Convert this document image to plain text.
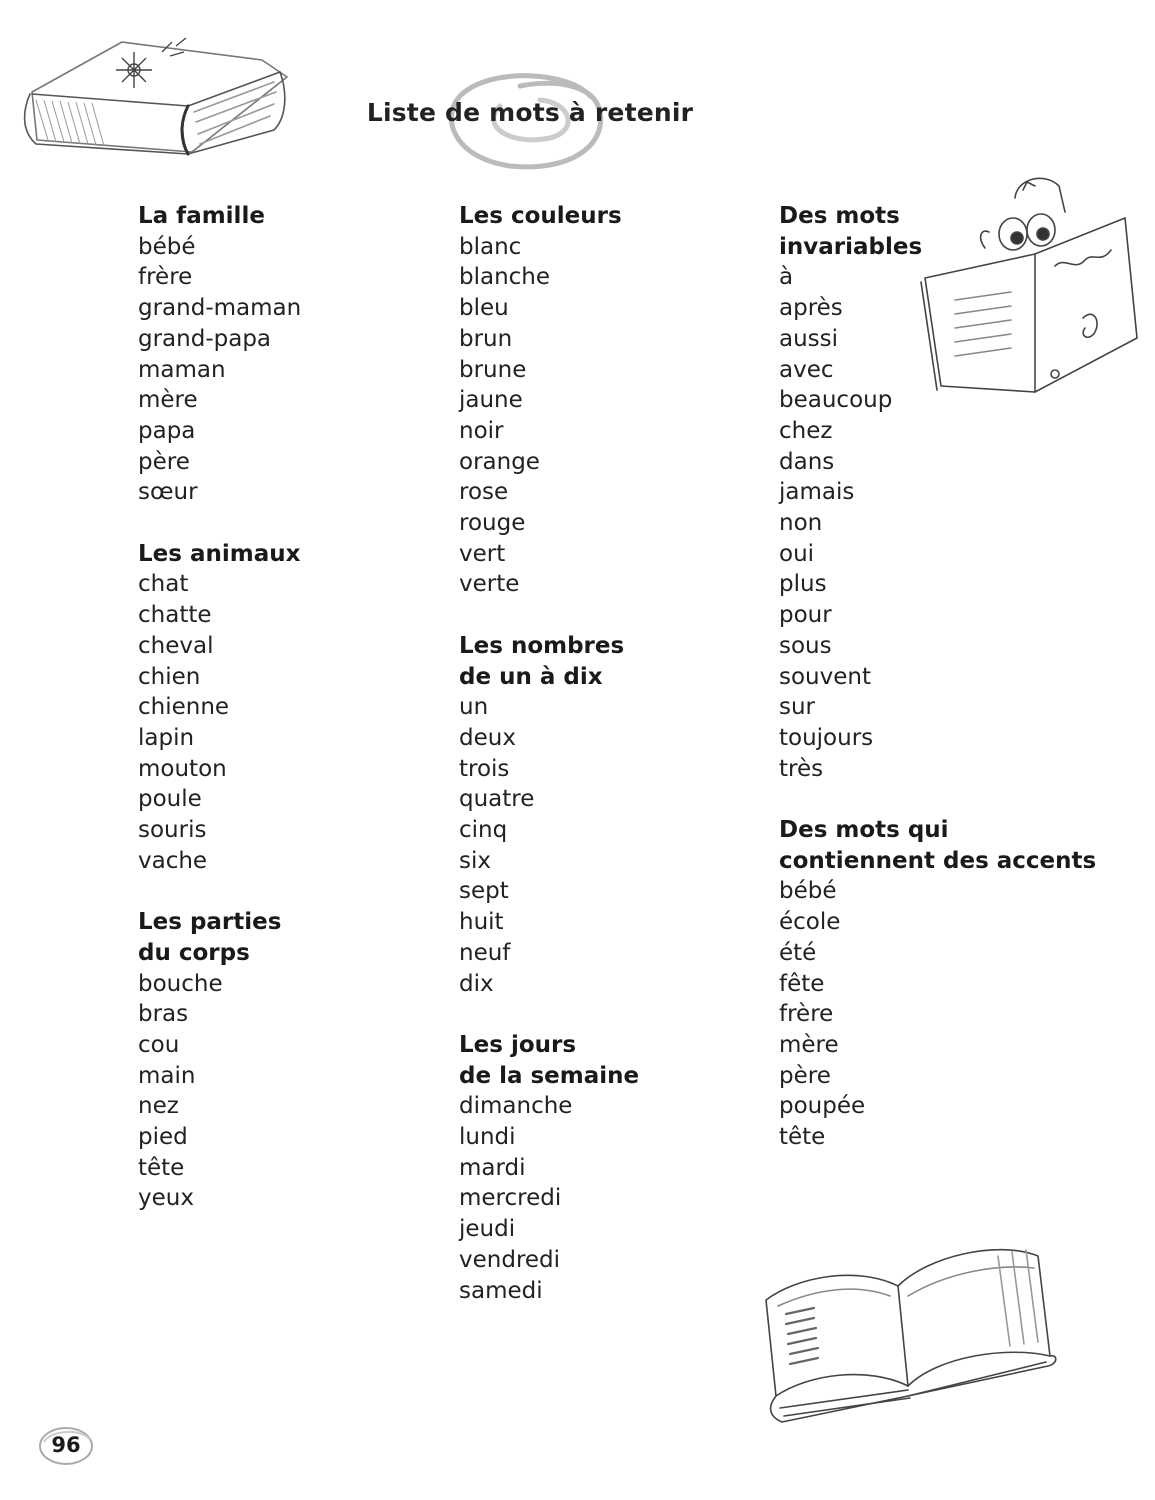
Liste de mots à retenir
La famille
bébé
frère
grand-maman
grand-papa
maman
mère
papa
père
sœur
Les animaux
chat
chatte
cheval
chien
chienne
lapin
mouton
poule
souris
vache
Les parties
du corps
bouche
bras
cou
main
nez
pied
tête
yeux
Les couleurs
blanc
blanche
bleu
brun
brune
jaune
noir
orange
rose
rouge
vert
verte
Les nombres
de un à dix
un
deux
trois
quatre
cinq
six
sept
huit
neuf
dix
Les jours
de la semaine
dimanche
lundi
mardi
mercredi
jeudi
vendredi
samedi
Des mots
invariables
à
après
aussi
avec
beaucoup
chez
dans
jamais
non
oui
plus
pour
sous
souvent
sur
toujours
très
Des mots qui
contiennent des accents
bébé
école
été
fête
frère
mère
père
poupée
tête
96
